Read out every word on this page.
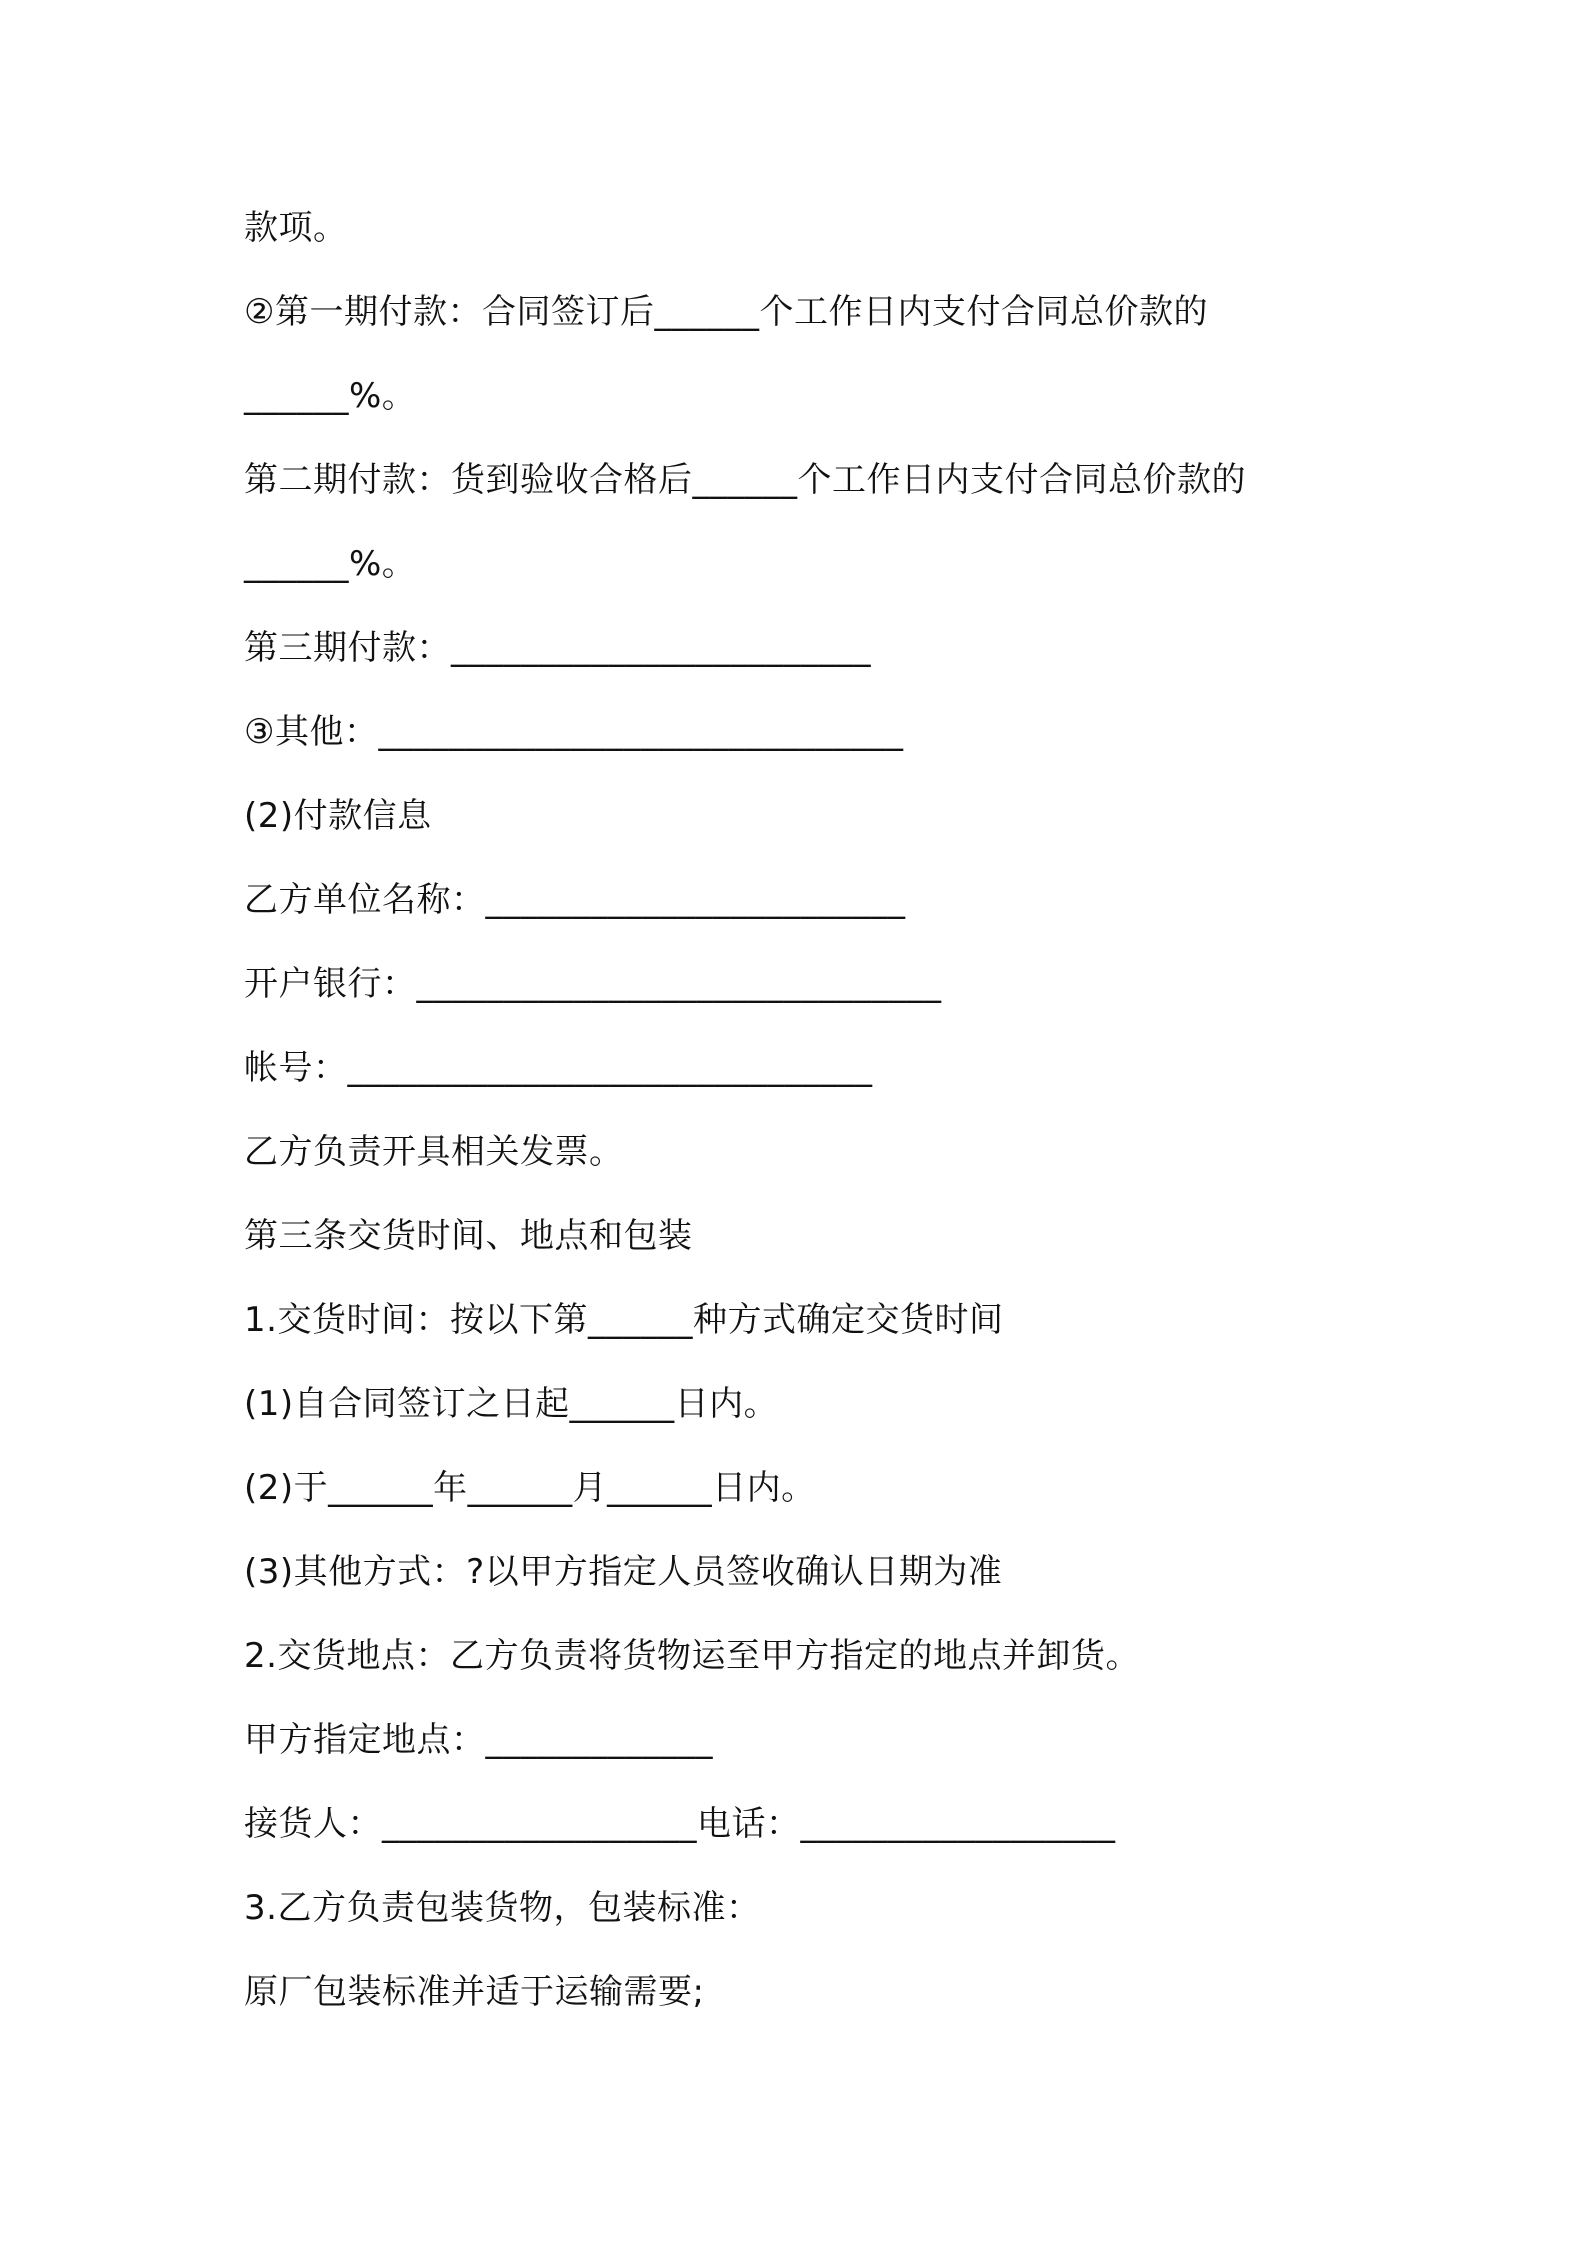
款项。

②第一期付款：合同签订后______个工作日内支付合同总价款的

______%。

第二期付款：货到验收合格后______个工作日内支付合同总价款的

______%。

第三期付款：________________________

③其他：______________________________

(2)付款信息

乙方单位名称：________________________

开户银行：______________________________

帐号：______________________________

乙方负责开具相关发票。

第三条交货时间、地点和包装

1.交货时间：按以下第______种方式确定交货时间

(1)自合同签订之日起______日内。

(2)于______年______月______日内。

(3)其他方式：?以甲方指定人员签收确认日期为准

2.交货地点：乙方负责将货物运至甲方指定的地点并卸货。

甲方指定地点：_____________

接货人：__________________电话：__________________

3.乙方负责包装货物，包装标准：

原厂包装标准并适于运输需要;
